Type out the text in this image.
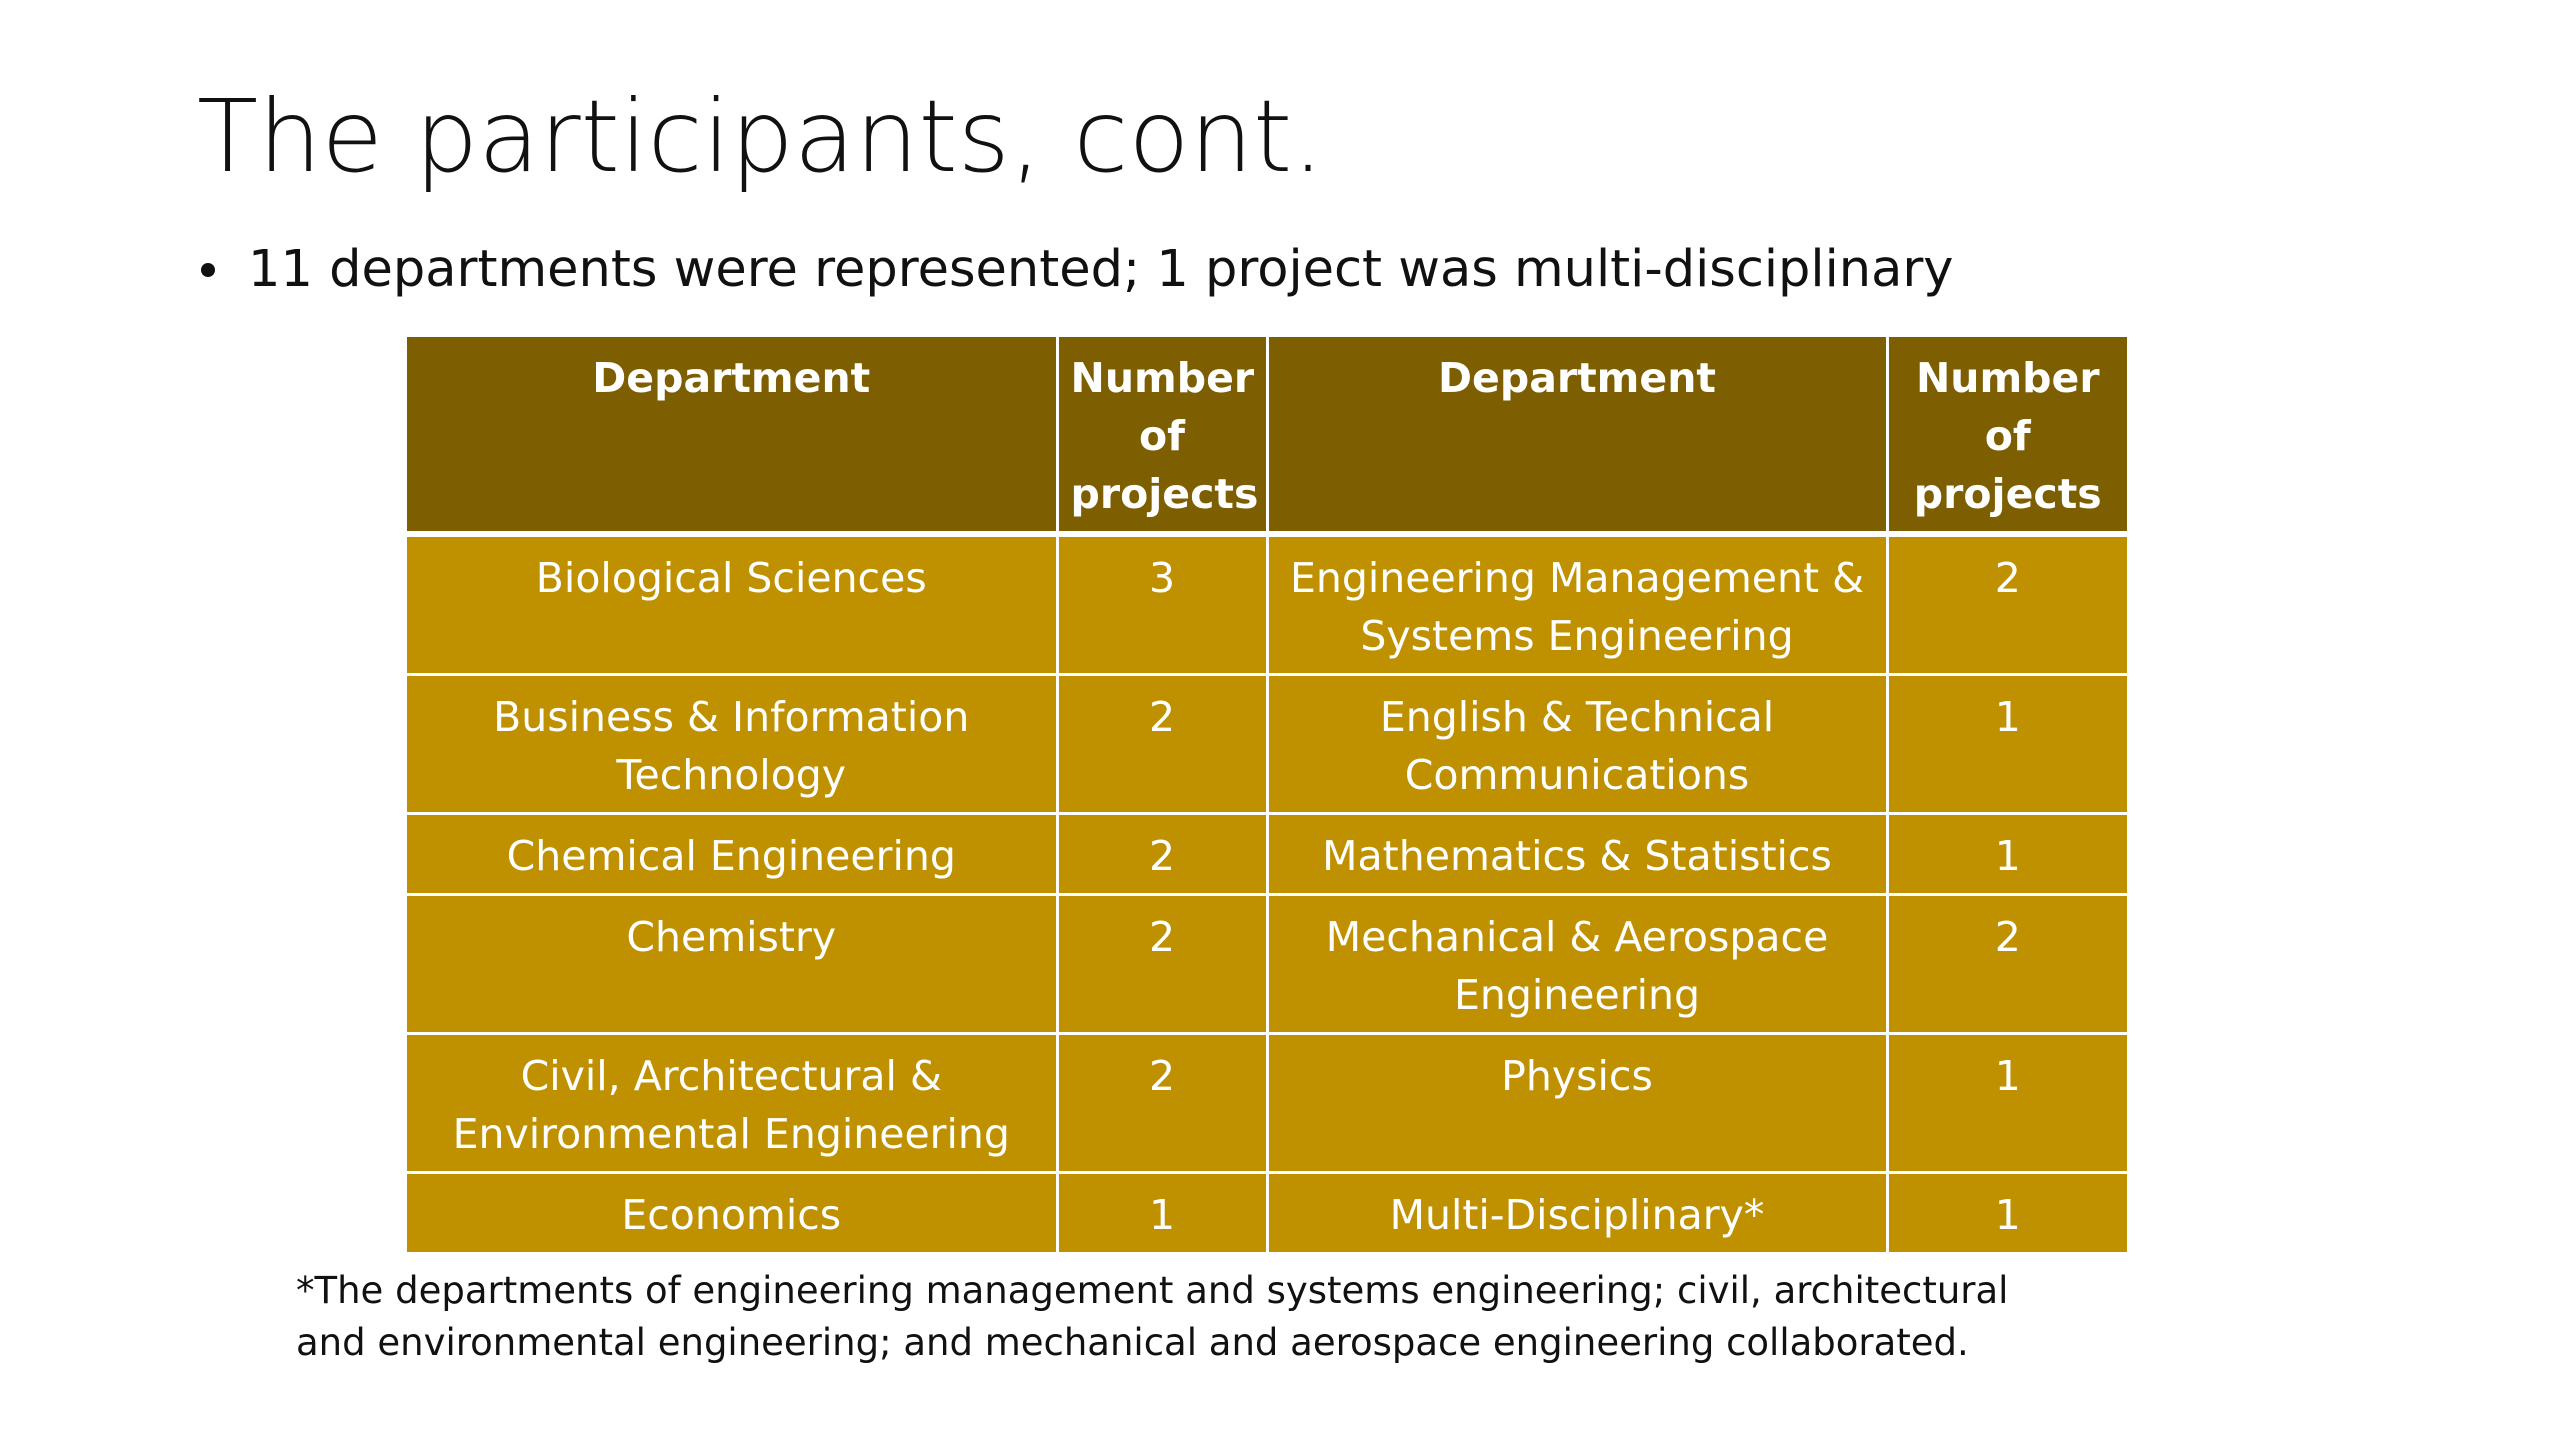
The participants, cont.
11 departments were represented; 1 project was multi-disciplinary
Department	Number of projects	Department	Number of projects
Biological Sciences	3	Engineering Management & Systems Engineering	2
Business & Information Technology	2	English & Technical Communications	1
Chemical Engineering	2	Mathematics & Statistics	1
Chemistry	2	Mechanical & Aerospace Engineering	2
Civil, Architectural & Environmental Engineering	2	Physics	1
Economics	1	Multi-Disciplinary*	1
*The departments of engineering management and systems engineering; civil, architectural and environmental engineering; and mechanical and aerospace engineering collaborated.
